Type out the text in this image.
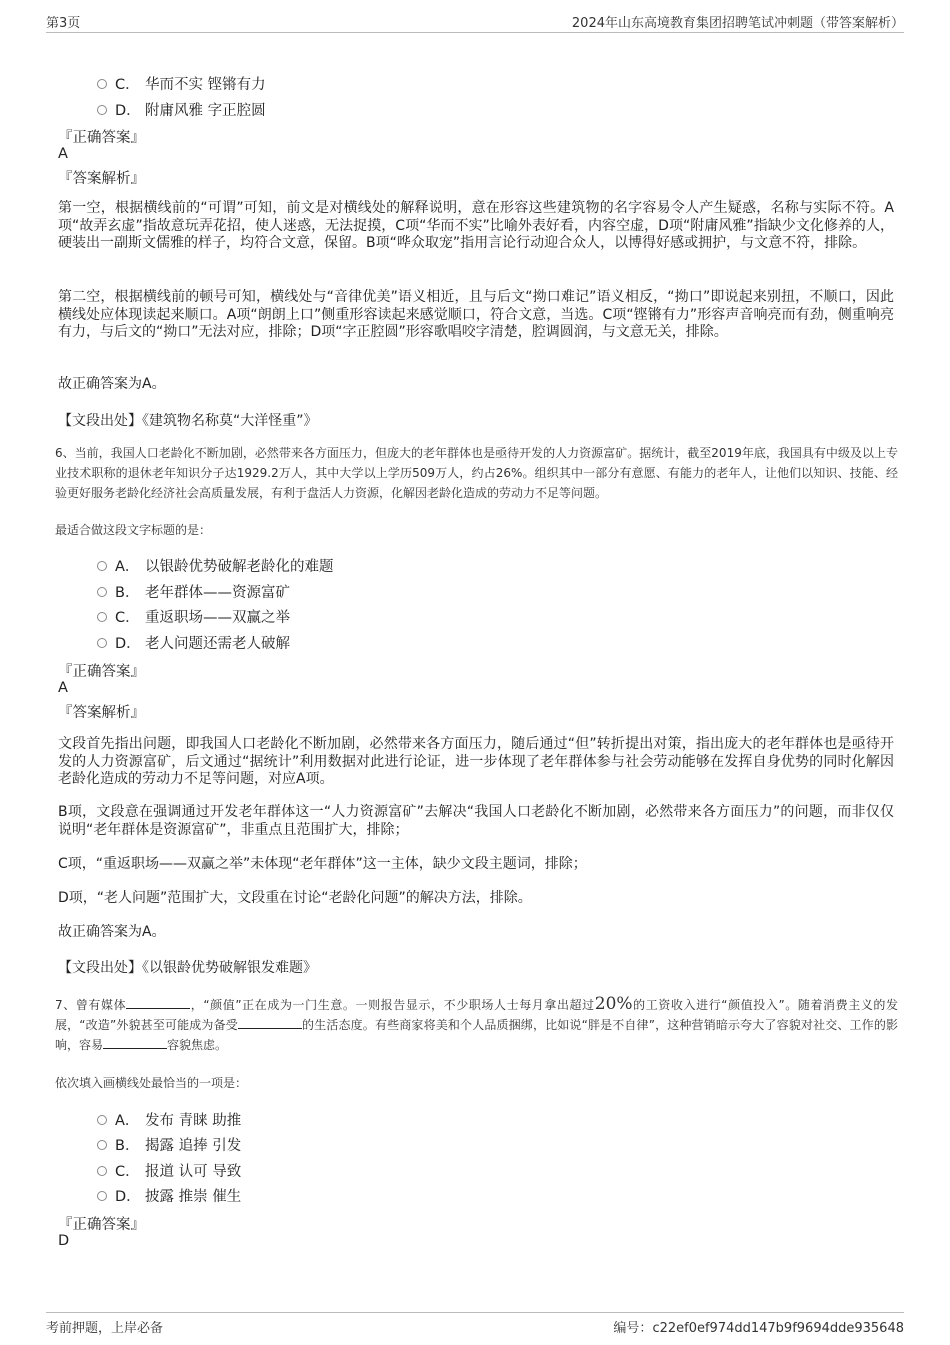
第3页	2024年山东高境教育集团招聘笔试冲刺题（带答案解析）
C． 华而不实 铿锵有力
D． 附庸风雅 字正腔圆
『正确答案』
A
『答案解析』
第一空，根据横线前的“可谓”可知，前文是对横线处的解释说明，意在形容这些建筑物的名字容易令人产生疑惑，名称与实际不符。A项“故弄玄虚”指故意玩弄花招，使人迷惑，无法捉摸，C项“华而不实”比喻外表好看，内容空虚，D项“附庸风雅”指缺少文化修养的人，硬装出一副斯文儒雅的样子，均符合文意，保留。B项“哗众取宠”指用言论行动迎合众人，以博得好感或拥护，与文意不符，排除。
第二空，根据横线前的顿号可知，横线处与“音律优美”语义相近，且与后文“拗口难记”语义相反，“拗口”即说起来别扭，不顺口，因此横线处应体现读起来顺口。A项“朗朗上口”侧重形容读起来感觉顺口，符合文意，当选。C项“铿锵有力”形容声音响亮而有劲，侧重响亮有力，与后文的“拗口”无法对应，排除；D项“字正腔圆”形容歌唱咬字清楚，腔调圆润，与文意无关，排除。
故正确答案为A。
【文段出处】《建筑物名称莫“大洋怪重”》
6、当前，我国人口老龄化不断加剧，必然带来各方面压力，但庞大的老年群体也是亟待开发的人力资源富矿。据统计，截至2019年底，我国具有中级及以上专业技术职称的退休老年知识分子达1929.2万人，其中大学以上学历509万人，约占26%。组织其中一部分有意愿、有能力的老年人，让他们以知识、技能、经验更好服务老龄化经济社会高质量发展，有利于盘活人力资源，化解因老龄化造成的劳动力不足等问题。
最适合做这段文字标题的是：
A． 以银龄优势破解老龄化的难题
B． 老年群体——资源富矿
C． 重返职场——双赢之举
D． 老人问题还需老人破解
『正确答案』
A
『答案解析』
文段首先指出问题，即我国人口老龄化不断加剧，必然带来各方面压力，随后通过“但”转折提出对策，指出庞大的老年群体也是亟待开发的人力资源富矿，后文通过“据统计”利用数据对此进行论证，进一步体现了老年群体参与社会劳动能够在发挥自身优势的同时化解因老龄化造成的劳动力不足等问题，对应A项。
B项，文段意在强调通过开发老年群体这一“人力资源富矿”去解决“我国人口老龄化不断加剧，必然带来各方面压力”的问题，而非仅仅说明“老年群体是资源富矿”，非重点且范围扩大，排除；
C项，“重返职场——双赢之举”未体现“老年群体”这一主体，缺少文段主题词，排除；
D项，“老人问题”范围扩大，文段重在讨论“老龄化问题”的解决方法，排除。
故正确答案为A。
【文段出处】《以银龄优势破解银发难题》
7、曾有媒体	，“颜值”正在成为一门生意。一则报告显示，不少职场人士每月拿出超过20%的工资收入进行“颜值投入”。随着消费主义的发展，“改造”外貌甚至可能成为备受	的生活态度。有些商家将美和个人品质捆绑，比如说“胖是不自律”，这种营销暗示夸大了容貌对社交、工作的影响，容易	容貌焦虑。
依次填入画横线处最恰当的一项是：
A． 发布 青睐 助推
B． 揭露 追捧 引发
C． 报道 认可 导致
D． 披露 推崇 催生
『正确答案』
D
考前押题，上岸必备	编号：c22ef0ef974dd147b9f9694dde935648
